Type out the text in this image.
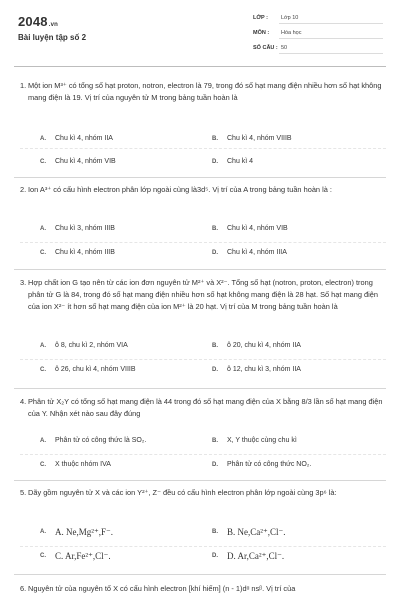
2048.vn
Bài luyện tập số 2
LỚP : Lớp 10
MÔN : Hóa học
SỐ CÂU : 50
1. Một ion M³⁺ có tổng số hạt proton, notron, electron là 79, trong đó số hạt mang điện nhiều hơn số hạt không mang điện là 19. Vị trí của nguyên tử M trong bảng tuần hoàn là
A. Chu kì 4, nhóm IIA	B. Chu kì 4, nhóm VIIIB
C. Chu kì 4, nhóm VIB	D. Chu kì 4
2. Ion A³⁺ có cấu hình electron phân lớp ngoài cùng là3d⁵. Vị trí của A trong bảng tuần hoàn là :
A. Chu kì 3, nhóm IIIB	B. Chu kì 4, nhóm VIB
C. Chu kì 4, nhóm IIIB	D. Chu kì 4, nhóm IIIA
3. Hợp chất ion G tạo nên từ các ion đơn nguyên tử M²⁺ và X²⁻. Tổng số hạt (notron, proton, electron) trong phân tử G là 84, trong đó số hạt mang điện nhiều hơn số hạt không mang điện là 28 hạt. Số hạt mang điện của ion X²⁻ ít hơn số hạt mang điện của ion M²⁺ là 20 hạt. Vị trí của M trong bảng tuần hoàn là
A. ô 8, chu kì 2, nhóm VIA	B. ô 20, chu kì 4, nhóm IIA
C. ô 26, chu kì 4, nhóm VIIIB	D. ô 12, chu kì 3, nhóm IIA
4. Phân tử X₂Y có tổng số hạt mang điện là 44 trong đó số hạt mang điện của X bằng 8/3 lần số hạt mang điện của Y. Nhận xét nào sau đây đúng
A. Phân tử có công thức là SO₂.	B. X, Y thuộc cùng chu kì
C. X thuộc nhóm IVA	D. Phân tử có công thức NO₂.
5. Dãy gồm nguyên tử X và các ion Y²⁺, Z⁻ đều có cấu hình electron phân lớp ngoài cùng 3p⁶ là:
A. A. Ne,Mg²⁺,F⁻.	B. B. Ne,Ca²⁺,Cl⁻.
C. C. Ar,Fe²⁺,Cl⁻.	D. D. Ar,Ca²⁺,Cl⁻.
6. Nguyên tử của nguyên tố X có cấu hình electron [khí hiếm] (n - 1)dᵅ nsᵝ. Vị trí của
